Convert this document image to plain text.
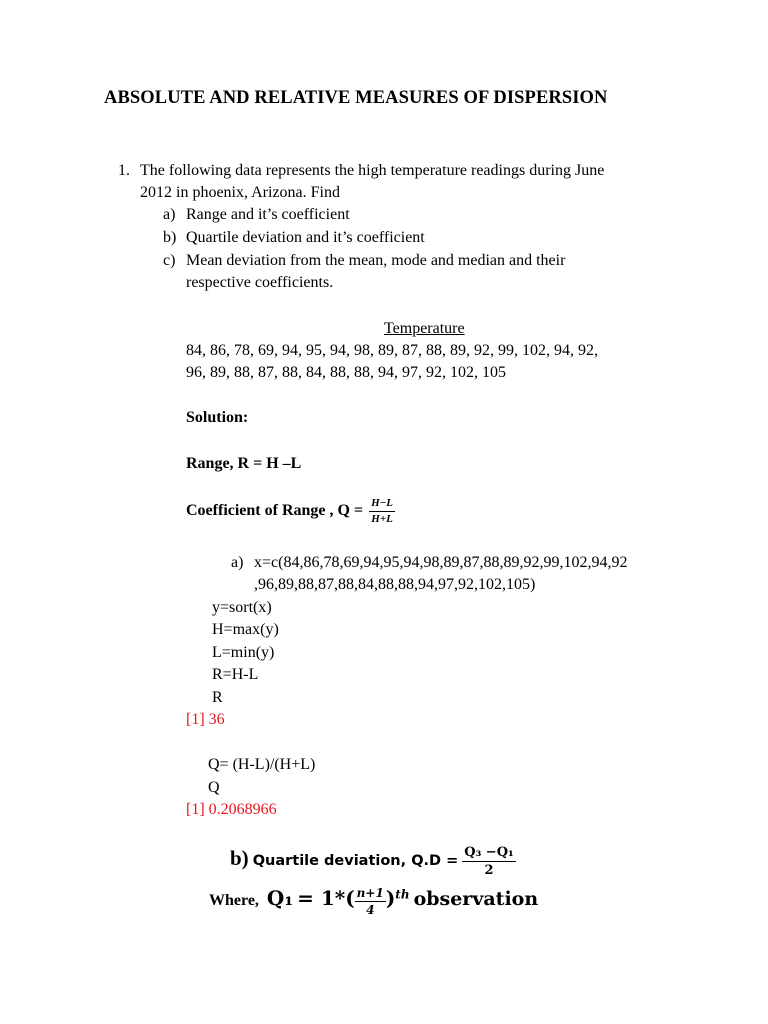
ABSOLUTE AND RELATIVE MEASURES OF DISPERSION
1. The following data represents the high temperature readings during June
2012 in phoenix, Arizona. Find
a) Range and it’s coefficient
b) Quartile deviation and it’s coefficient
c) Mean deviation from the mean, mode and median and their
respective coefficients.
Temperature
84, 86, 78, 69, 94, 95, 94, 98, 89, 87, 88, 89, 92, 99, 102, 94, 92,
96, 89, 88, 87, 88, 84, 88, 88, 94, 97, 92, 102, 105
Solution:
Range, R = H –L
Coefficient of Range , $Q = \frac{H-L}{H+L}$
a) x=c(84,86,78,69,94,95,94,98,89,87,88,89,92,99,102,94,92
,96,89,88,87,88,84,88,88,94,97,92,102,105)
y=sort(x)
H=max(y)
L=min(y)
R=H-L
R
[1] 36
Q= (H-L)/(H+L)
Q
[1] 0.2068966
b) Quartile deviation, $Q.D = \frac{\text{Q₃ −Q₁}}{2}$
Where, $Q_1 = 1*( \frac{n+1}{4} )^{th}$ observation
